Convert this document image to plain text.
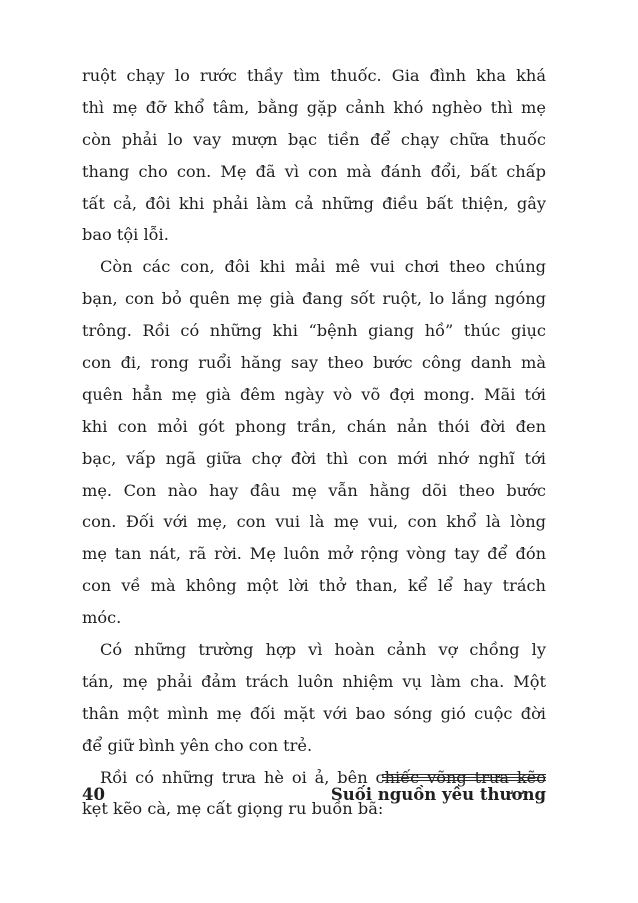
ruột chạy lo rước thầy tìm thuốc. Gia đình kha khá
thì mẹ đỡ khổ tâm, bằng gặp cảnh khó nghèo thì mẹ
còn phải lo vay mượn bạc tiền để chạy chữa thuốc
thang cho con. Mẹ đã vì con mà đánh đổi, bất chấp
tất cả, đôi khi phải làm cả những điều bất thiện, gây
bao tội lỗi.
Còn các con, đôi khi mải mê vui chơi theo chúng
bạn, con bỏ quên mẹ già đang sốt ruột, lo lắng ngóng
trông. Rồi có những khi “bệnh giang hồ” thúc giục
con đi, rong ruổi hăng say theo bước công danh mà
quên hẳn mẹ già đêm ngày vò võ đợi mong. Mãi tới
khi con mỏi gót phong trần, chán nản thói đời đen
bạc, vấp ngã giữa chợ đời thì con mới nhớ nghĩ tới
mẹ. Con nào hay đâu mẹ vẫn hằng dõi theo bước
con. Đối với mẹ, con vui là mẹ vui, con khổ là lòng
mẹ tan nát, rã rời. Mẹ luôn mở rộng vòng tay để đón
con về mà không một lời thở than, kể lể hay trách
móc.
Có những trường hợp vì hoàn cảnh vợ chồng ly
tán, mẹ phải đảm trách luôn nhiệm vụ làm cha. Một
thân một mình mẹ đối mặt với bao sóng gió cuộc đời
để giữ bình yên cho con trẻ.
Rồi có những trưa hè oi ả, bên chiếc võng trưa kẽo
kẹt kẽo cà, mẹ cất giọng ru buồn bã:
40	Suối nguồn yêu thương
